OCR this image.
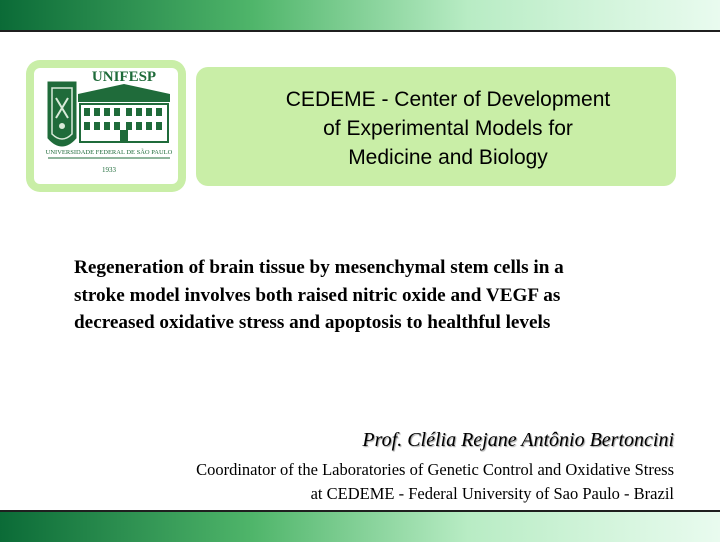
UNIFESP
UNIVERSIDADE FEDERAL DE SÃO PAULO
1933
CEDEME - Center of Development
of Experimental Models for
Medicine and Biology
Regeneration of brain tissue by mesenchymal stem cells in a
stroke model involves both raised nitric oxide and VEGF as
decreased oxidative stress and apoptosis to healthful levels
Prof. Clélia Rejane Antônio Bertoncini
Coordinator of the Laboratories of Genetic Control and Oxidative Stress
at CEDEME - Federal University of Sao Paulo - Brazil
